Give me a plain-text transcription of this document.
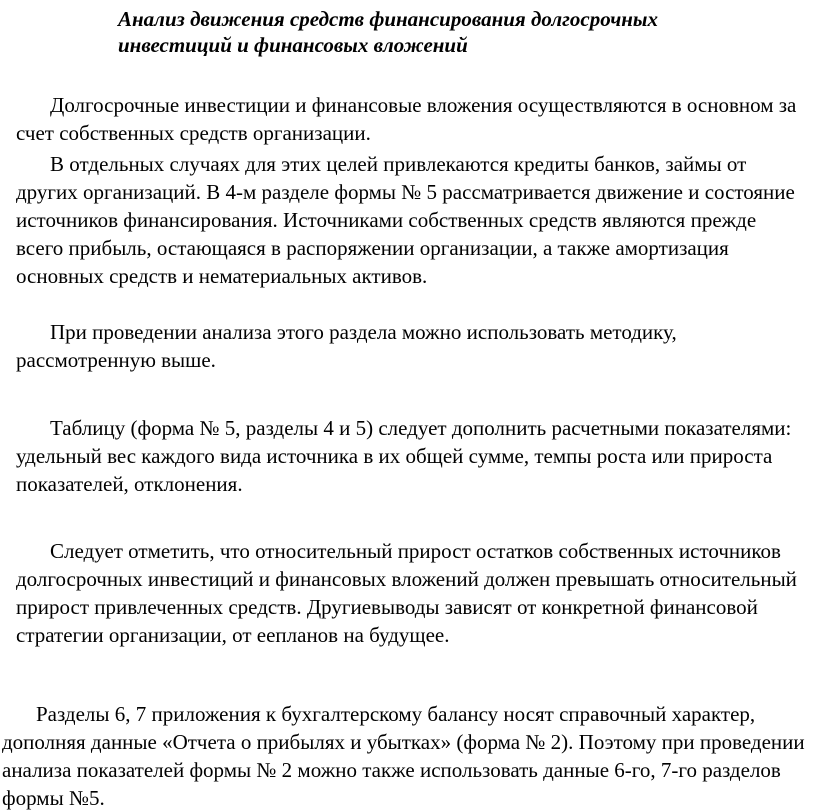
Анализ движения средств финансирования долгосрочных инвестиций и финансовых вложений

Долгосрочные инвестиции и финансовые вложения осуществляются в основном за счет собственных средств организации.

В отдельных случаях для этих целей привлекаются кредиты банков, займы от других организаций. В 4-м разделе формы № 5 рассматривается движение и состояние источников финансирования. Источниками собственных средств являются прежде всего прибыль, остающаяся в распоряжении организации, а также амортизация основных средств и нематериальных активов.

При проведении анализа этого раздела можно использовать методику, рассмотренную выше.

Таблицу (форма № 5, разделы 4 и 5) следует дополнить расчетными показателями: удельный вес каждого вида источника в их общей сумме, темпы роста или прироста показателей, отклонения.

Следует отметить, что относительный прирост остатков собственных источников долгосрочных инвестиций и финансовых вложений должен превышать относительный прирост привлеченных средств. Другиевыводы зависят от конкретной финансовой стратегии организации, от еепланов на будущее.

Разделы 6, 7 приложения к бухгалтерскому балансу носят справочный характер, дополняя данные «Отчета о прибылях и убытках» (форма № 2). Поэтому при проведении анализа показателей формы № 2 можно также использовать данные 6-го, 7-го разделов формы №5.
